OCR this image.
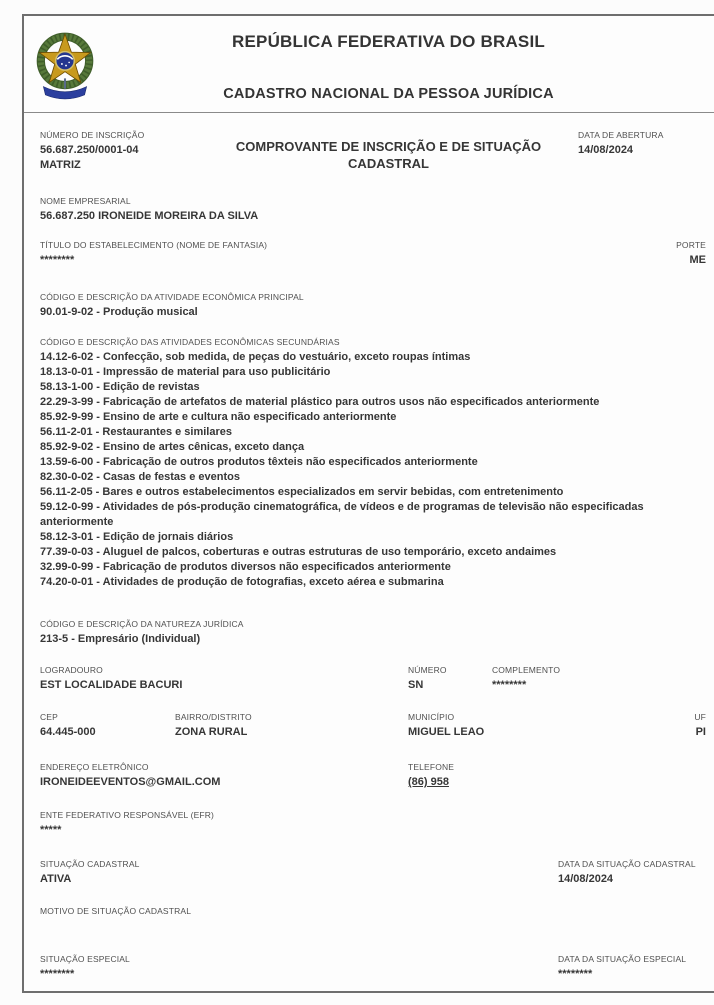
REPÚBLICA FEDERATIVA DO BRASIL
CADASTRO NACIONAL DA PESSOA JURÍDICA
NÚMERO DE INSCRIÇÃO
56.687.250/0001-04
MATRIZ
COMPROVANTE DE INSCRIÇÃO E DE SITUAÇÃO CADASTRAL
DATA DE ABERTURA
14/08/2024
NOME EMPRESARIAL
56.687.250 IRONEIDE MOREIRA DA SILVA
TÍTULO DO ESTABELECIMENTO (NOME DE FANTASIA)
********
PORTE
ME
CÓDIGO E DESCRIÇÃO DA ATIVIDADE ECONÔMICA PRINCIPAL
90.01-9-02 - Produção musical
CÓDIGO E DESCRIÇÃO DAS ATIVIDADES ECONÔMICAS SECUNDÁRIAS
14.12-6-02 - Confecção, sob medida, de peças do vestuário, exceto roupas íntimas
18.13-0-01 - Impressão de material para uso publicitário
58.13-1-00 - Edição de revistas
22.29-3-99 - Fabricação de artefatos de material plástico para outros usos não especificados anteriormente
85.92-9-99 - Ensino de arte e cultura não especificado anteriormente
56.11-2-01 - Restaurantes e similares
85.92-9-02 - Ensino de artes cênicas, exceto dança
13.59-6-00 - Fabricação de outros produtos têxteis não especificados anteriormente
82.30-0-02 - Casas de festas e eventos
56.11-2-05 - Bares e outros estabelecimentos especializados em servir bebidas, com entretenimento
59.12-0-99 - Atividades de pós-produção cinematográfica, de vídeos e de programas de televisão não especificadas anteriormente
58.12-3-01 - Edição de jornais diários
77.39-0-03 - Aluguel de palcos, coberturas e outras estruturas de uso temporário, exceto andaimes
32.99-0-99 - Fabricação de produtos diversos não especificados anteriormente
74.20-0-01 - Atividades de produção de fotografias, exceto aérea e submarina
CÓDIGO E DESCRIÇÃO DA NATUREZA JURÍDICA
213-5 - Empresário (Individual)
LOGRADOURO
EST LOCALIDADE BACURI
NÚMERO
SN
COMPLEMENTO
********
CEP
64.445-000
BAIRRO/DISTRITO
ZONA RURAL
MUNICÍPIO
MIGUEL LEAO
UF
PI
ENDEREÇO ELETRÔNICO
IRONEIDEEVENTOS@GMAIL.COM
TELEFONE
(86) 958
ENTE FEDERATIVO RESPONSÁVEL (EFR)
*****
SITUAÇÃO CADASTRAL
ATIVA
DATA DA SITUAÇÃO CADASTRAL
14/08/2024
MOTIVO DE SITUAÇÃO CADASTRAL
SITUAÇÃO ESPECIAL
********
DATA DA SITUAÇÃO ESPECIAL
********
